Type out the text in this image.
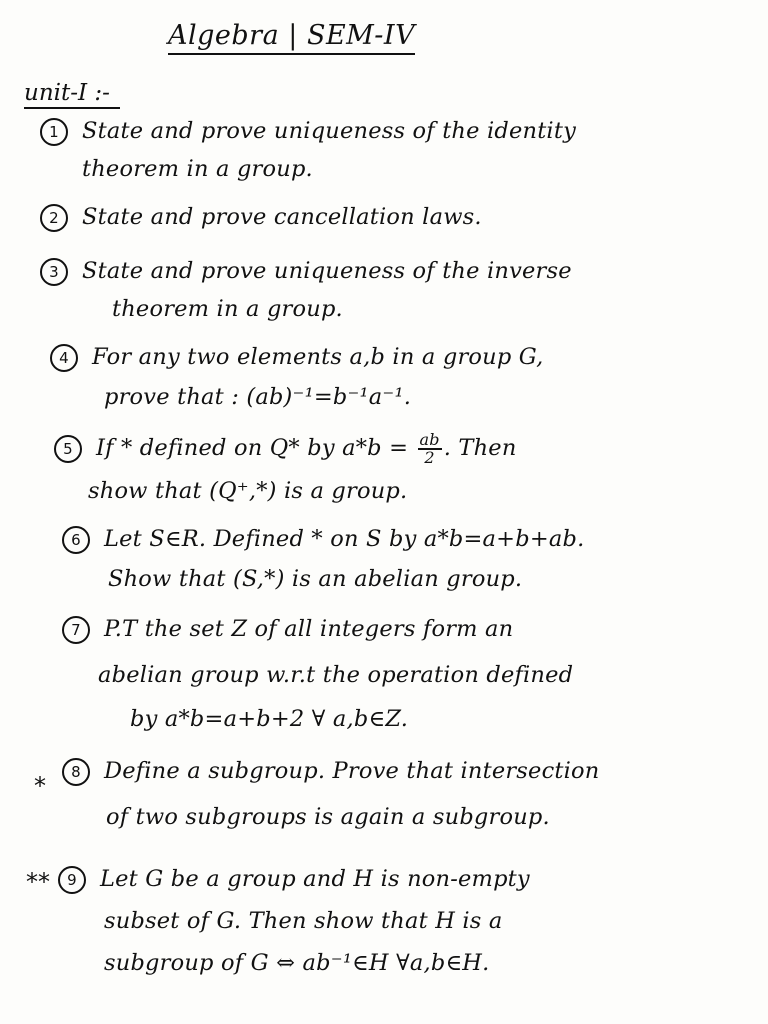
Algebra | SEM-IV
unit-I :-
1 State and prove uniqueness of the identity
theorem in a group.
2 State and prove cancellation laws.
3 State and prove uniqueness of the inverse
theorem in a group.
4 For any two elements a,b in a group G,
prove that : (ab)⁻¹=b⁻¹a⁻¹.
5 If * defined on Q* by $a*b = \frac{ab}{2}$ . Then
show that (Q⁺,*) is a group.
6 Let S∈R. Defined * on S by a*b=a+b+ab.
Show that (S,*) is an abelian group.
7 P.T the set Z of all integers form an
abelian group w.r.t the operation defined
by a*b=a+b+2 ∀ a,b∈Z.
*	8 Define a subgroup. Prove that intersection
of two subgroups is again a subgroup.
**	9 Let G be a group and H is non-empty
subset of G. Then show that H is a
subgroup of G ⇔ ab⁻¹∈H ∀a,b∈H.
